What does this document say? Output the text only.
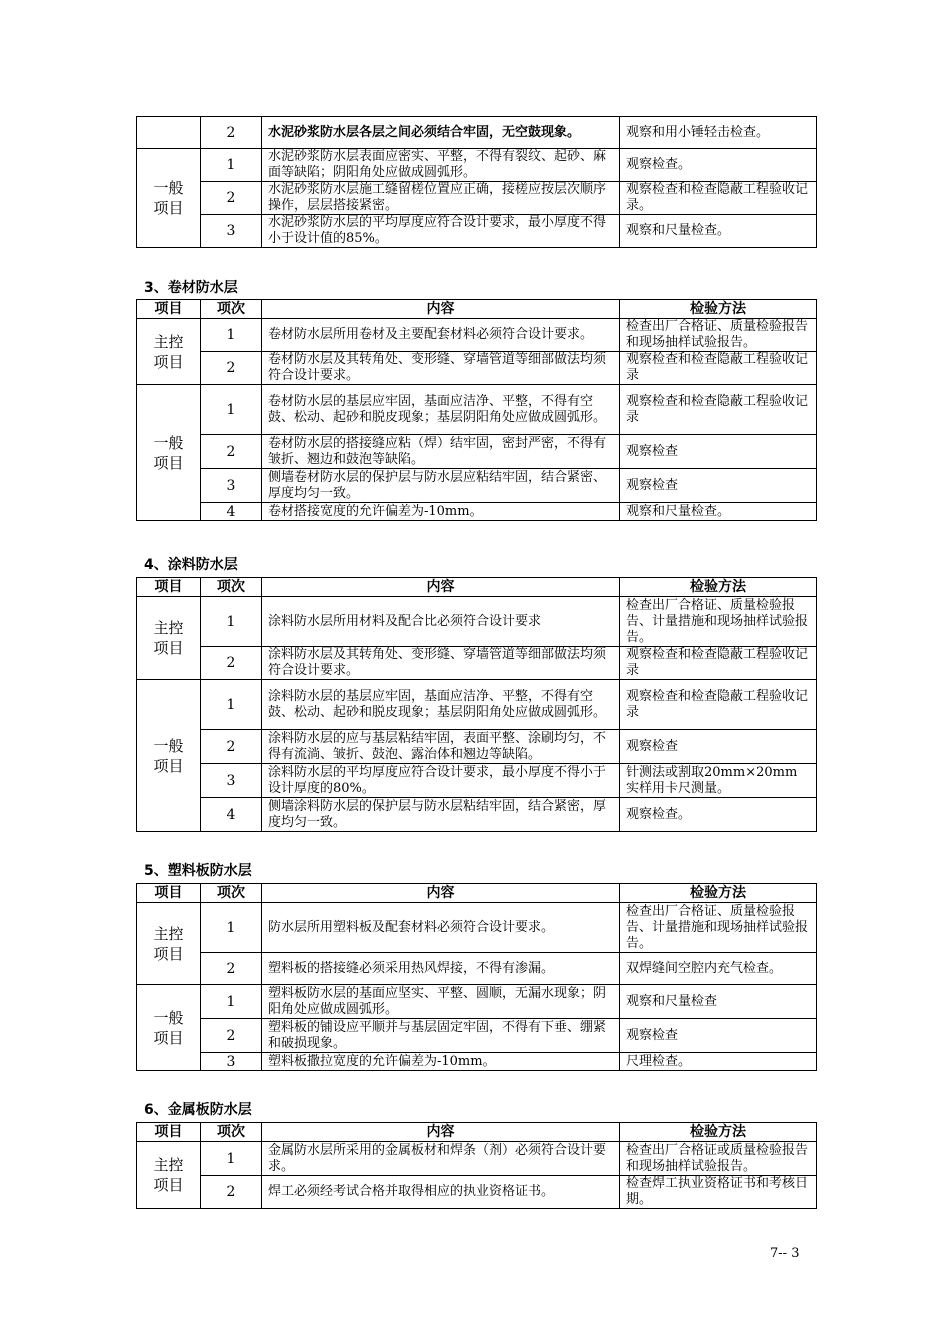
	2	水泥砂浆防水层各层之间必须结合牢固，无空鼓现象。	观察和用小锤轻击检查。
一般
项目	1	水泥砂浆防水层表面应密实、平整，不得有裂纹、起砂、麻面等缺陷；阴阳角处应做成圆弧形。	观察检查。
	2	水泥砂浆防水层施工缝留槎位置应正确，接槎应按层次顺序操作，层层搭接紧密。	观察检查和检查隐蔽工程验收记录。
	3	水泥砂浆防水层的平均厚度应符合设计要求，最小厚度不得小于设计值的85%。	观察和尺量检查。
3、卷材防水层
项目	项次	内容	检验方法
主控
项目	1	卷材防水层所用卷材及主要配套材料必须符合设计要求。	检查出厂合格证、质量检验报告和现场抽样试验报告。
	2	卷材防水层及其转角处、变形缝、穿墙管道等细部做法均须符合设计要求。	观察检查和检查隐蔽工程验收记录
一般
项目	1	卷材防水层的基层应牢固，基面应洁净、平整，不得有空鼓、松动、起砂和脱皮现象；基层阴阳角处应做成圆弧形。	观察检查和检查隐蔽工程验收记录
	2	卷材防水层的搭接缝应粘（焊）结牢固，密封严密，不得有皱折、翘边和鼓泡等缺陷。	观察检查
	3	侧墙卷材防水层的保护层与防水层应粘结牢固，结合紧密、厚度均匀一致。	观察检查
	4	卷材搭接宽度的允许偏差为-10mm。	观察和尺量检查。
4、涂料防水层
项目	项次	内容	检验方法
主控
项目	1	涂料防水层所用材料及配合比必须符合设计要求	检查出厂合格证、质量检验报告、计量措施和现场抽样试验报告。
	2	涂料防水层及其转角处、变形缝、穿墙管道等细部做法均须符合设计要求。	观察检查和检查隐蔽工程验收记录
一般
项目	1	涂料防水层的基层应牢固，基面应洁净、平整，不得有空鼓、松动、起砂和脱皮现象；基层阴阳角处应做成圆弧形。	观察检查和检查隐蔽工程验收记录
	2	涂料防水层的应与基层粘结牢固，表面平整、涂刷均匀，不得有流淌、皱折、鼓泡、露治体和翘边等缺陷。	观察检查
	3	涂料防水层的平均厚度应符合设计要求，最小厚度不得小于设计厚度的80%。	针测法或割取20mm×20mm实样用卡尺测量。
	4	侧墙涂料防水层的保护层与防水层粘结牢固，结合紧密，厚度均匀一致。	观察检查。
5、塑料板防水层
项目	项次	内容	检验方法
主控
项目	1	防水层所用塑料板及配套材料必须符合设计要求。	检查出厂合格证、质量检验报告、计量措施和现场抽样试验报告。
	2	塑料板的搭接缝必须采用热风焊接，不得有渗漏。	双焊缝间空腔内充气检查。
一般
项目	1	塑料板防水层的基面应坚实、平整、圆顺，无漏水现象；阴阳角处应做成圆弧形。	观察和尺量检查
	2	塑料板的铺设应平顺并与基层固定牢固，不得有下垂、绷紧和破损现象。	观察检查
	3	塑料板撒拉宽度的允许偏差为-10mm。	尺理检查。
6、金属板防水层
项目	项次	内容	检验方法
主控
项目	1	金属防水层所采用的金属板材和焊条（剂）必须符合设计要求。	检查出厂合格证或质量检验报告和现场抽样试验报告。
	2	焊工必须经考试合格并取得相应的执业资格证书。	检查焊工执业资格证书和考核日期。
7-- 3
